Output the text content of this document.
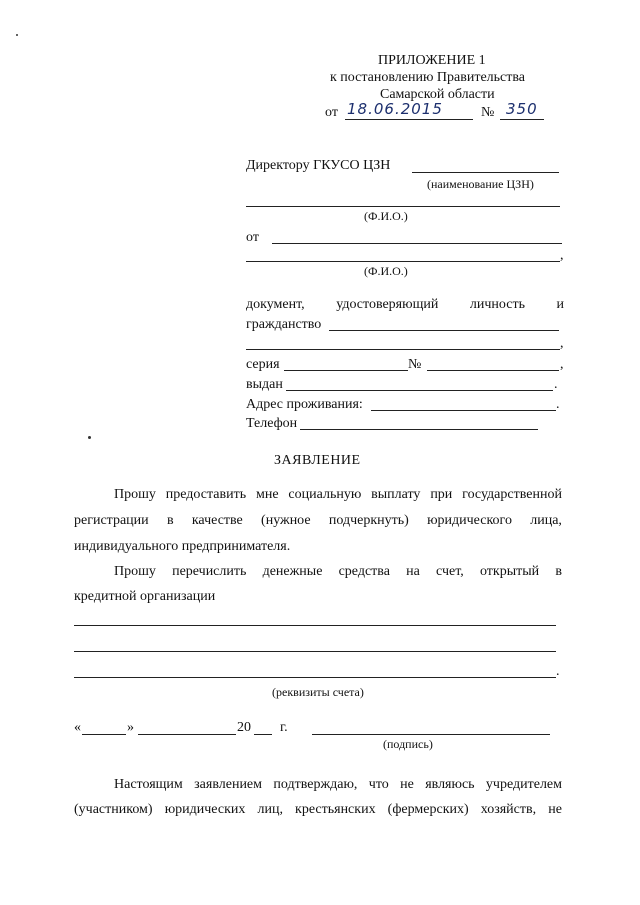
ПРИЛОЖЕНИЕ 1
к постановлению Правительства
Самарской области
от 18.06.2015	№ 350
Директору ГКУСО ЦЗН
(наименование ЦЗН)
(Ф.И.О.)
от
,
(Ф.И.О.)
документ, удостоверяющий личность и
гражданство
,
серия	№	,
выдан	.
Адрес проживания:	.
Телефон
ЗАЯВЛЕНИЕ
Прошу предоставить мне социальную выплату при государственной
регистрации в качестве (нужное подчеркнуть) юридического лица,
индивидуального предпринимателя.
Прошу перечислить денежные средства на счет, открытый в
кредитной организации
.
(реквизиты счета)
«	»	20 г.
(подпись)
Настоящим заявлением подтверждаю, что не являюсь учредителем
(участником) юридических лиц, крестьянских (фермерских) хозяйств, не
